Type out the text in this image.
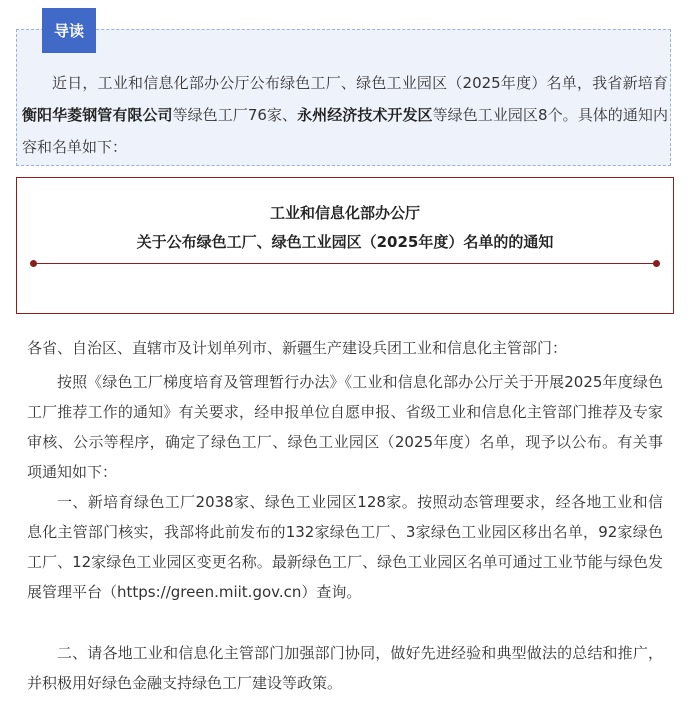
导读

近日，工业和信息化部办公厅公布绿色工厂、绿色工业园区（2025年度）名单，我省新培育衡阳华菱钢管有限公司等绿色工厂76家、永州经济技术开发区等绿色工业园区8个。具体的通知内容和名单如下：

工业和信息化部办公厅
关于公布绿色工厂、绿色工业园区（2025年度）名单的的通知

各省、自治区、直辖市及计划单列市、新疆生产建设兵团工业和信息化主管部门：

按照《绿色工厂梯度培育及管理暂行办法》《工业和信息化部办公厅关于开展2025年度绿色工厂推荐工作的通知》有关要求，经申报单位自愿申报、省级工业和信息化主管部门推荐及专家审核、公示等程序，确定了绿色工厂、绿色工业园区（2025年度）名单，现予以公布。有关事项通知如下：

一、新培育绿色工厂2038家、绿色工业园区128家。按照动态管理要求，经各地工业和信息化主管部门核实，我部将此前发布的132家绿色工厂、3家绿色工业园区移出名单，92家绿色工厂、12家绿色工业园区变更名称。最新绿色工厂、绿色工业园区名单可通过工业节能与绿色发展管理平台（https://green.miit.gov.cn）查询。

二、请各地工业和信息化主管部门加强部门协同，做好先进经验和典型做法的总结和推广，并积极用好绿色金融支持绿色工厂建设等政策。
